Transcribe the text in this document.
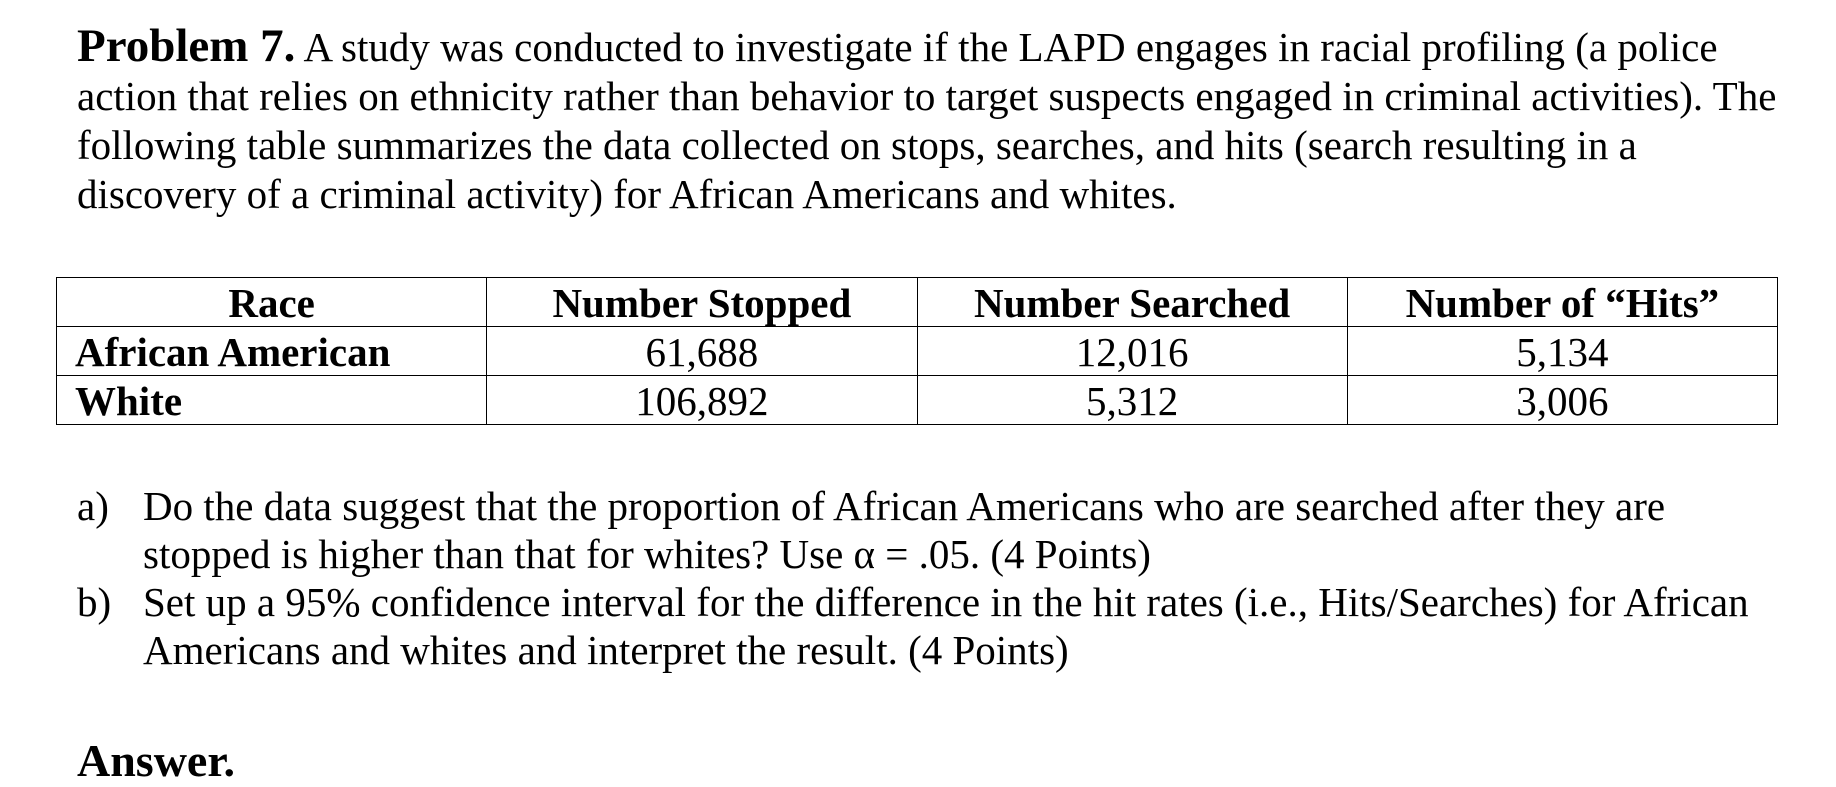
Problem 7. A study was conducted to investigate if the LAPD engages in racial profiling (a police action that relies on ethnicity rather than behavior to target suspects engaged in criminal activities). The following table summarizes the data collected on stops, searches, and hits (search resulting in a discovery of a criminal activity) for African Americans and whites.

Race	Number Stopped	Number Searched	Number of “Hits”
African American	61,688	12,016	5,134
White	106,892	5,312	3,006
a) Do the data suggest that the proportion of African Americans who are searched after they are stopped is higher than that for whites? Use α = .05. (4 Points)
b) Set up a 95% confidence interval for the difference in the hit rates (i.e., Hits/Searches) for African Americans and whites and interpret the result. (4 Points)

Answer.
